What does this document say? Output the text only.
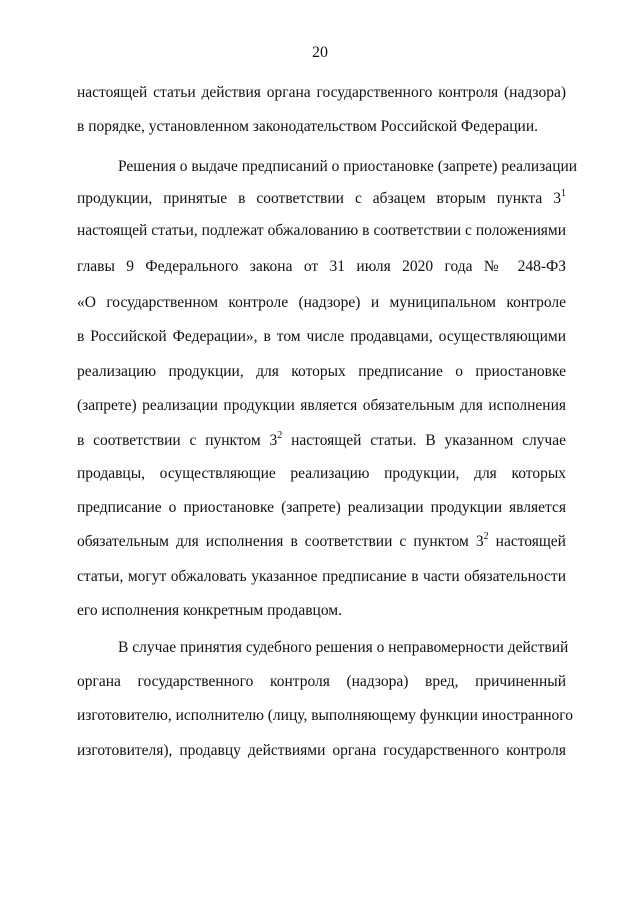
20
настоящей статьи действия органа государственного контроля (надзора)
в порядке, установленном законодательством Российской Федерации.
Решения о выдаче предписаний о приостановке (запрете) реализации
продукции, принятые в соответствии с абзацем вторым пункта $3^1$
настоящей статьи, подлежат обжалованию в соответствии с положениями
главы 9 Федерального закона от 31 июля 2020 года № 248-ФЗ
«О государственном контроле (надзоре) и муниципальном контроле
в Российской Федерации», в том числе продавцами, осуществляющими
реализацию продукции, для которых предписание о приостановке
(запрете) реализации продукции является обязательным для исполнения
в соответствии с пунктом $3^2$ настоящей статьи. В указанном случае
продавцы, осуществляющие реализацию продукции, для которых
предписание о приостановке (запрете) реализации продукции является
обязательным для исполнения в соответствии с пунктом $3^2$ настоящей
статьи, могут обжаловать указанное предписание в части обязательности
его исполнения конкретным продавцом.
В случае принятия судебного решения о неправомерности действий
органа государственного контроля (надзора) вред, причиненный
изготовителю, исполнителю (лицу, выполняющему функции иностранного
изготовителя), продавцу действиями органа государственного контроля
